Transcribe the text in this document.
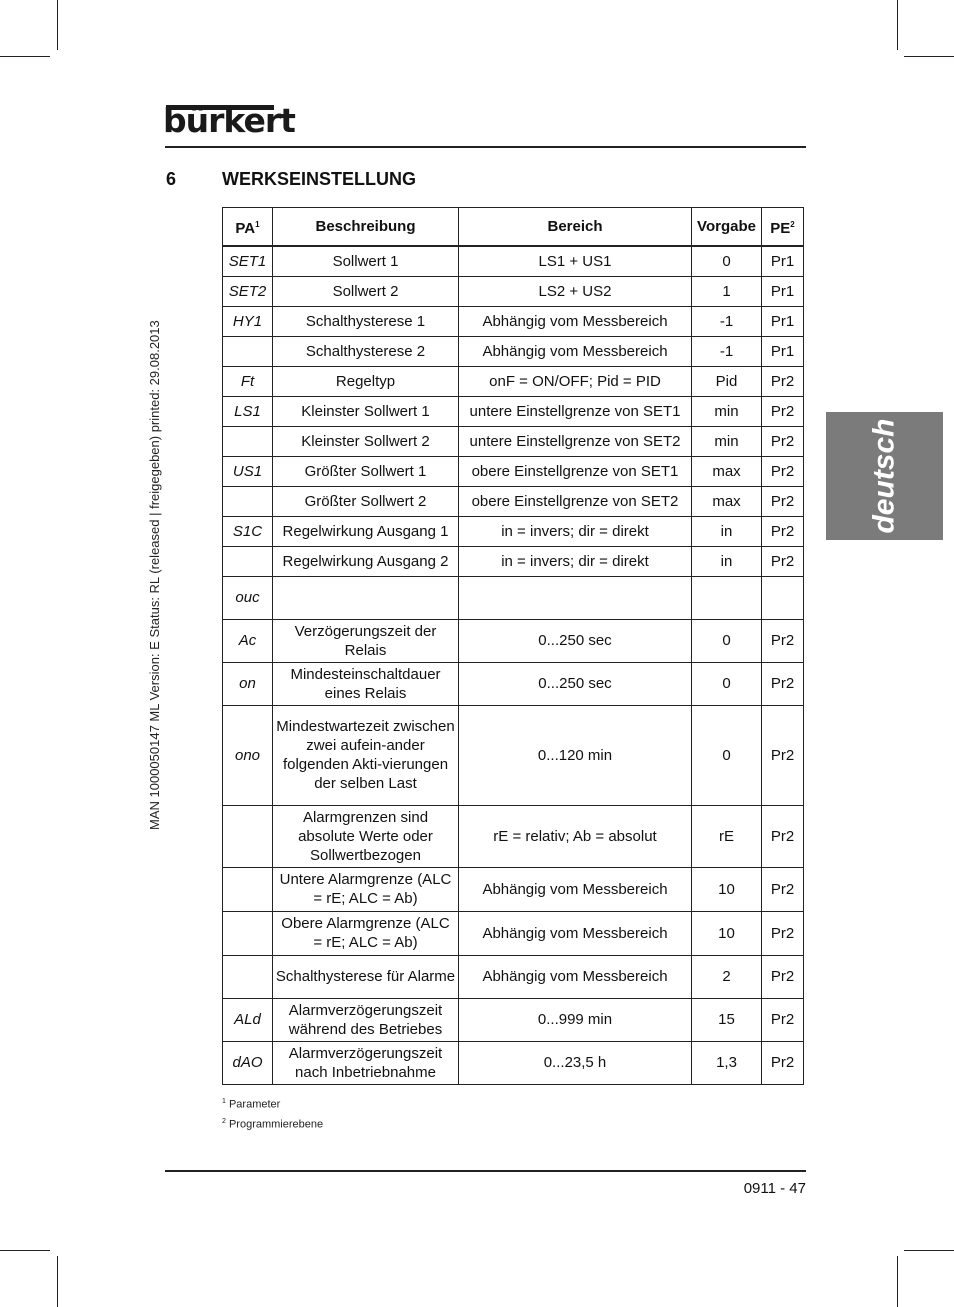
bürkert
6	WERKSEINSTELLUNG
MAN 1000050147 ML Version: E Status: RL (released | freigegeben) printed: 29.08.2013	deutsch
$PA^1$	Beschreibung	Bereich	Vorgabe	$PE^2$
SET1	Sollwert 1	LS1 + US1	0	Pr1
SET2	Sollwert 2	LS2 + US2	1	Pr1
HY1	Schalthysterese 1	Abhängig vom Messbereich	-1	Pr1
	Schalthysterese 2	Abhängig vom Messbereich	-1	Pr1
Ft	Regeltyp	onF = ON/OFF; Pid = PID	Pid	Pr2
LS1	Kleinster Sollwert 1	untere Einstellgrenze von SET1	min	Pr2
	Kleinster Sollwert 2	untere Einstellgrenze von SET2	min	Pr2
US1	Größter Sollwert 1	obere Einstellgrenze von SET1	max	Pr2
	Größter Sollwert 2	obere Einstellgrenze von SET2	max	Pr2
S1C	Regelwirkung Ausgang 1	in = invers; dir = direkt	in	Pr2
	Regelwirkung Ausgang 2	in = invers; dir = direkt	in	Pr2
ouc				
Ac	Verzögerungszeit der Relais	0...250 sec	0	Pr2
on	Mindesteinschaltdauer eines Relais	0...250 sec	0	Pr2
ono	Mindestwartezeit zwischen zwei aufein-ander folgenden Akti-vierungen der selben Last	0...120 min	0	Pr2
	Alarmgrenzen sind absolute Werte oder Sollwertbezogen	rE = relativ; Ab = absolut	rE	Pr2
	Untere Alarmgrenze (ALC = rE; ALC = Ab)	Abhängig vom Messbereich	10	Pr2
	Obere Alarmgrenze (ALC = rE; ALC = Ab)	Abhängig vom Messbereich	10	Pr2
	Schalthysterese für Alarme	Abhängig vom Messbereich	2	Pr2
ALd	Alarmverzögerungszeit während des Betriebes	0...999 min	15	Pr2
dAO	Alarmverzögerungszeit nach Inbetriebnahme	0...23,5 h	1,3	Pr2
$^1$ Parameter
$^2$ Programmierebene
0911 - 47
